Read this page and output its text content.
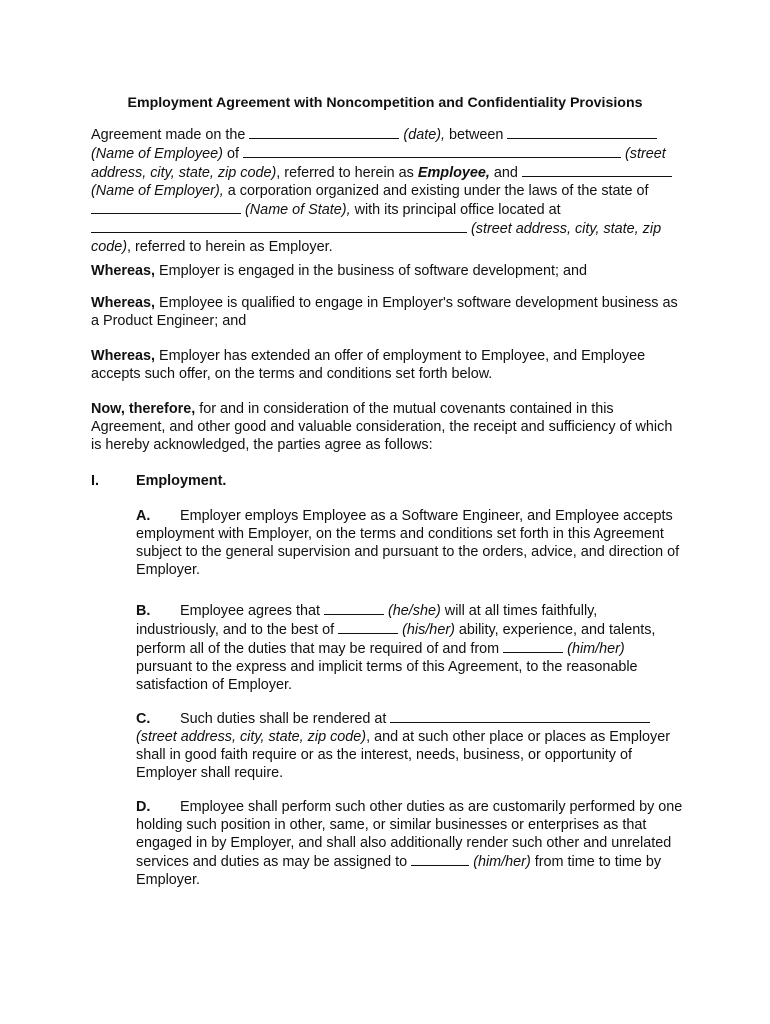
Employment Agreement with Noncompetition and Confidentiality Provisions

Agreement made on the	(date), between  (Name of Employee) of	(street address, city, state, zip code), referred to herein as Employee, and  (Name of Employer), a corporation organized and existing under the laws of the state of  (Name of State), with its principal office located at  (street address, city, state, zip code), referred to herein as Employer.

Whereas, Employer is engaged in the business of software development; and

Whereas, Employee is qualified to engage in Employer's software development business as a Product Engineer; and

Whereas, Employer has extended an offer of employment to Employee, and Employee accepts such offer, on the terms and conditions set forth below.

Now, therefore, for and in consideration of the mutual covenants contained in this Agreement, and other good and valuable consideration, the receipt and sufficiency of which is hereby acknowledged, the parties agree as follows:

I.	Employment.

A. Employer employs Employee as a Software Engineer, and Employee accepts employment with Employer, on the terms and conditions set forth in this Agreement subject to the general supervision and pursuant to the orders, advice, and direction of Employer.

B. Employee agrees that	(he/she) will at all times faithfully, industriously, and to the best of	(his/her) ability, experience, and talents, perform all of the duties that may be required of and from	(him/her) pursuant to the express and implicit terms of this Agreement, to the reasonable satisfaction of Employer.

C. Such duties shall be rendered at  (street address, city, state, zip code), and at such other place or places as Employer shall in good faith require or as the interest, needs, business, or opportunity of Employer shall require.

D. Employee shall perform such other duties as are customarily performed by one holding such position in other, same, or similar businesses or enterprises as that engaged in by Employer, and shall also additionally render such other and unrelated services and duties as may be assigned to	(him/her) from time to time by Employer.
